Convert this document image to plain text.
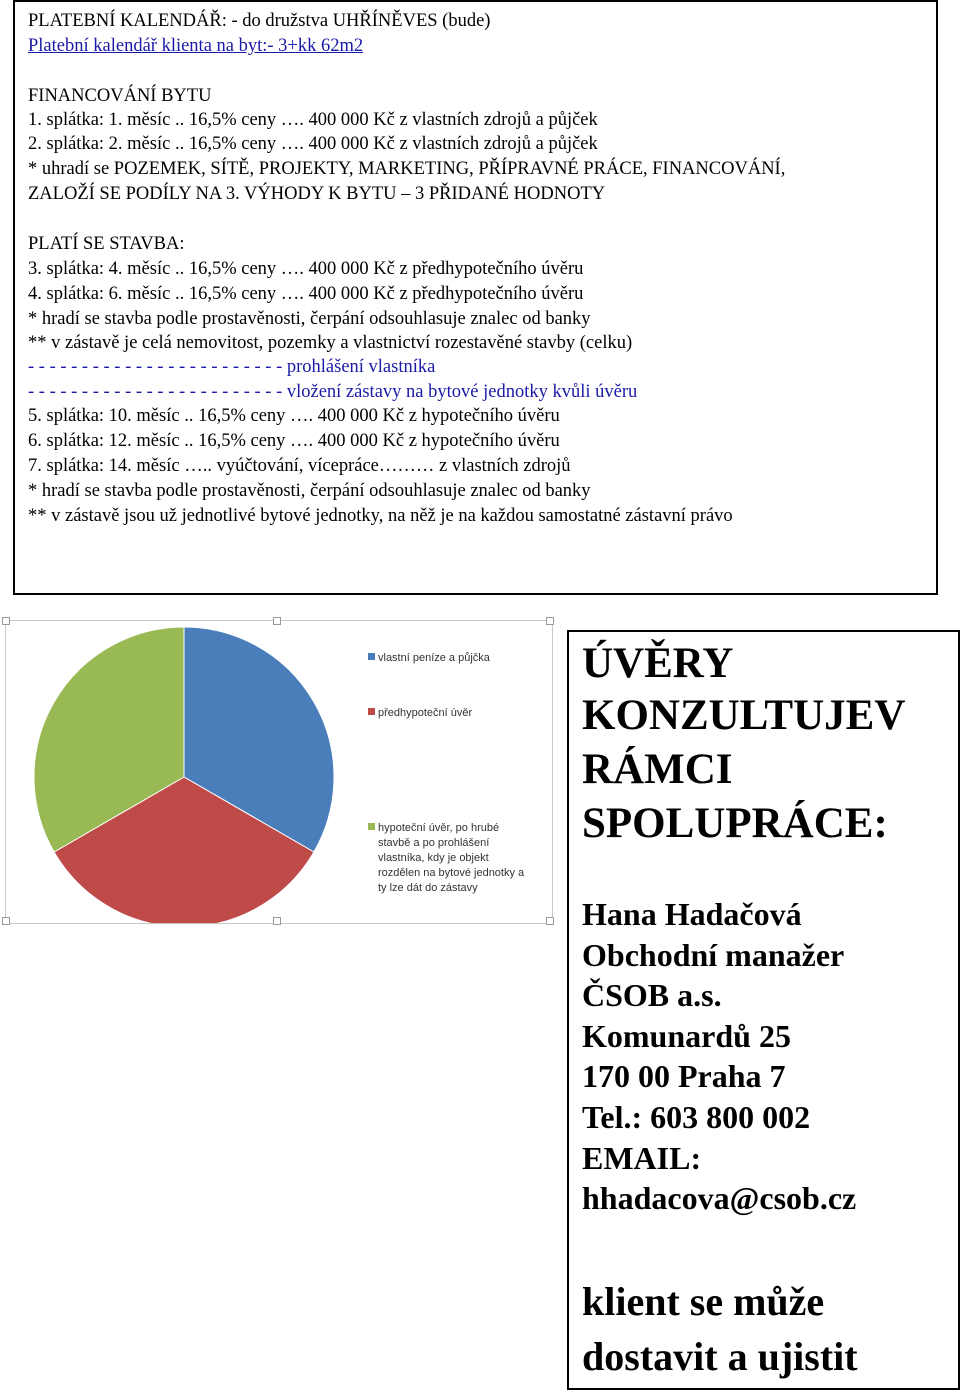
PLATEBNÍ KALENDÁŘ: - do družstva UHŘÍNĚVES (bude)
Platební kalendář klienta na byt:- 3+kk 62m2
FINANCOVÁNÍ BYTU
1. splátka: 1. měsíc .. 16,5% ceny …. 400 000 Kč z vlastních zdrojů a půjček
2. splátka: 2. měsíc .. 16,5% ceny …. 400 000 Kč z vlastních zdrojů a půjček
* uhradí se POZEMEK, SÍTĚ, PROJEKTY, MARKETING, PŘÍPRAVNÉ PRÁCE, FINANCOVÁNÍ,
ZALOŽÍ SE PODÍLY NA 3. VÝHODY K BYTU – 3 PŘIDANÉ HODNOTY
PLATÍ SE STAVBA:
3. splátka: 4. měsíc .. 16,5% ceny …. 400 000 Kč z předhypotečního úvěru
4. splátka: 6. měsíc .. 16,5% ceny …. 400 000 Kč z předhypotečního úvěru
* hradí se stavba podle prostavěnosti, čerpání odsouhlasuje znalec od banky
** v zástavě je celá nemovitost, pozemky a vlastnictví rozestavěné stavby (celku)
- - - - - - - - - - - - - - - - - - - - - - - - prohlášení vlastníka
- - - - - - - - - - - - - - - - - - - - - - - - vložení zástavy na bytové jednotky kvůli úvěru
5. splátka: 10. měsíc .. 16,5% ceny …. 400 000 Kč z hypotečního úvěru
6. splátka: 12. měsíc .. 16,5% ceny …. 400 000 Kč z hypotečního úvěru
7. splátka: 14. měsíc ….. vyúčtování, vícepráce……… z vlastních zdrojů
* hradí se stavba podle prostavěnosti, čerpání odsouhlasuje znalec od banky
** v zástavě jsou už jednotlivé bytové jednotky, na něž je na každou samostatné zástavní právo
vlastní peníze a půjčka
předhypoteční úvěr
hypoteční úvěr, po hrubé
stavbě a po prohlášení
vlastníka, kdy je objekt
rozdělen na bytové jednotky a
ty lze dát do zástavy
ÚVĚRY
KONZULTUJEV
RÁMCI
SPOLUPRÁCE:
Hana Hadačová
Obchodní manažer
ČSOB a.s.
Komunardů 25
170 00 Praha 7
Tel.: 603 800 002
EMAIL:
hhadacova@csob.cz
klient se může
dostavit a ujistit
